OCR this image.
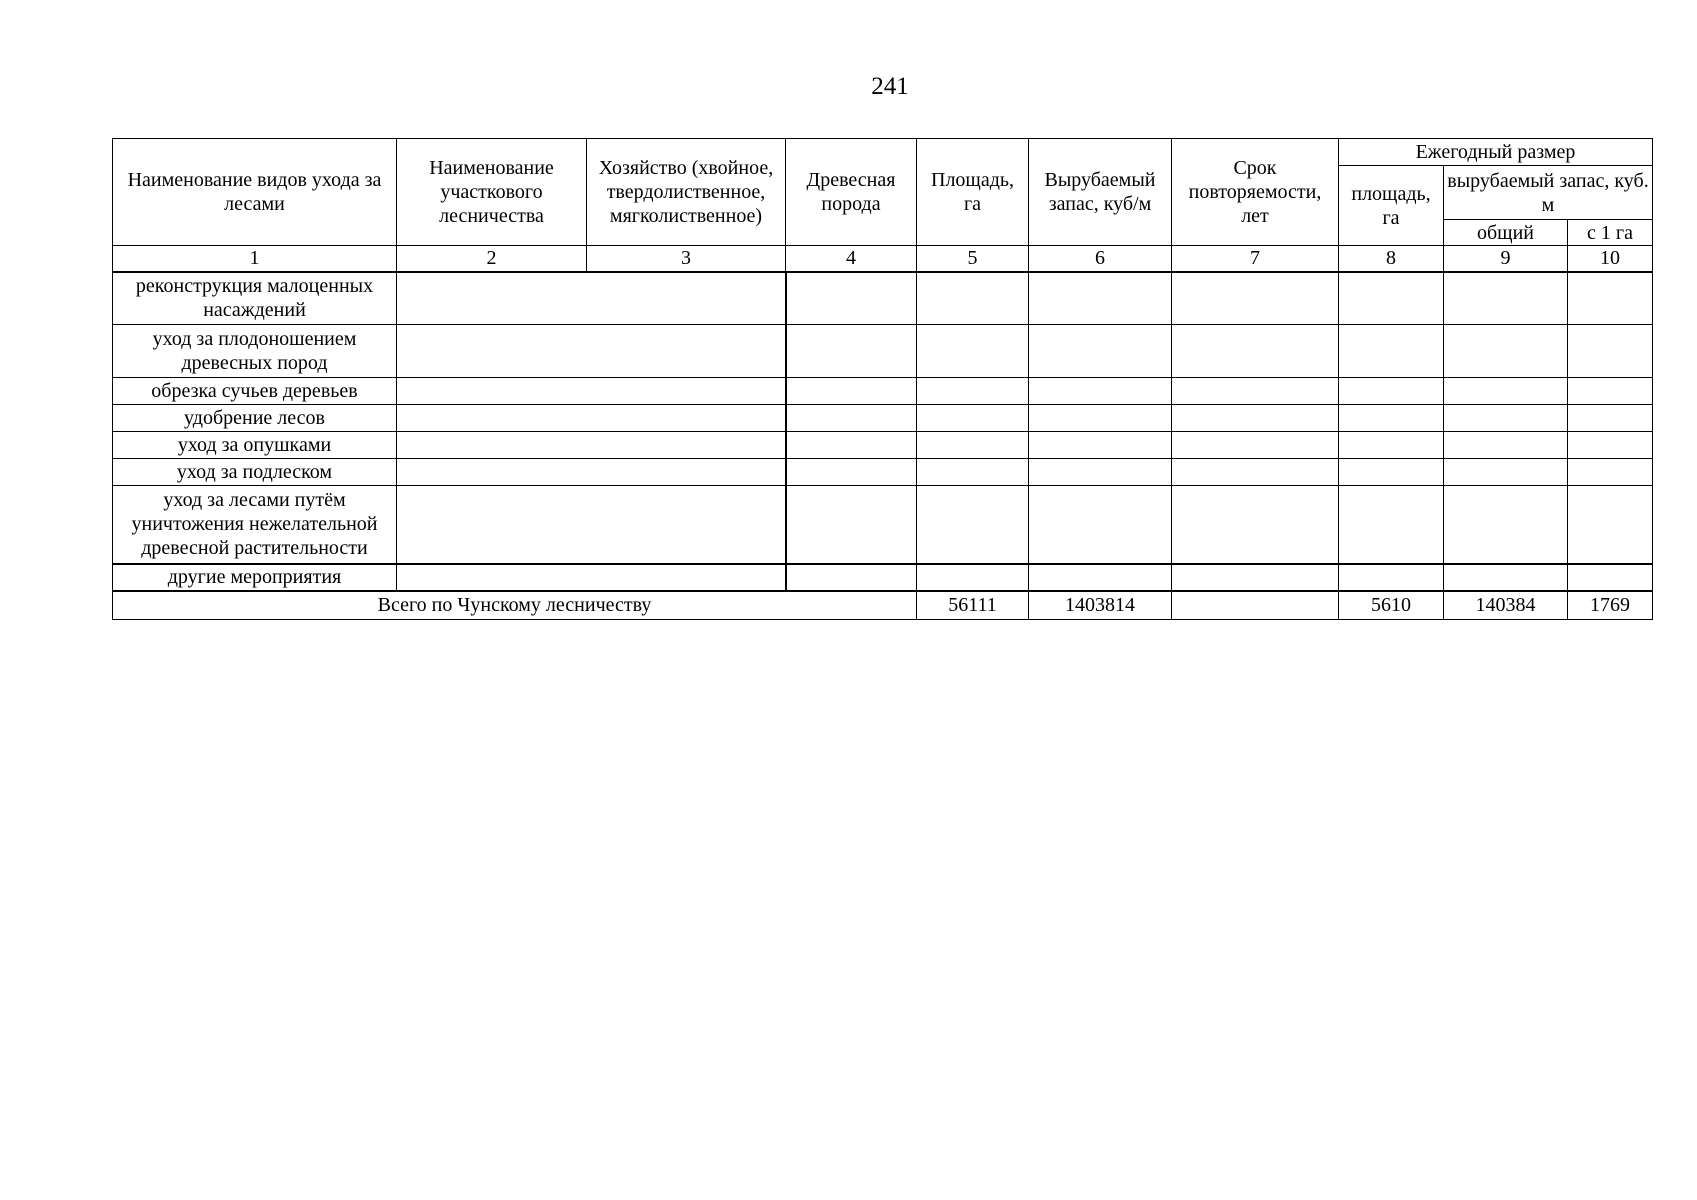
241
Наименование видов ухода за лесами	Наименование участкового лесничества	Хозяйство (хвойное, твердолиственное, мягколиственное)	Древесная порода	Площадь, га	Вырубаемый запас, куб/м	Срок повторяемости, лет	Ежегодный размер		
							площадь, га	вырубаемый запас, куб. м	
								общий	с 1 га
1	2	3	4	5	6	7	8	9	10
реконструкция малоценных насаждений									
уход за плодоношением древесных пород									
обрезка сучьев деревьев									
удобрение лесов									
уход за опушками									
уход за подлеском									
уход за лесами путём уничтожения нежелательной древесной растительности									
другие мероприятия									
Всего по Чунскому лесничеству				56111	1403814		5610	140384	1769
